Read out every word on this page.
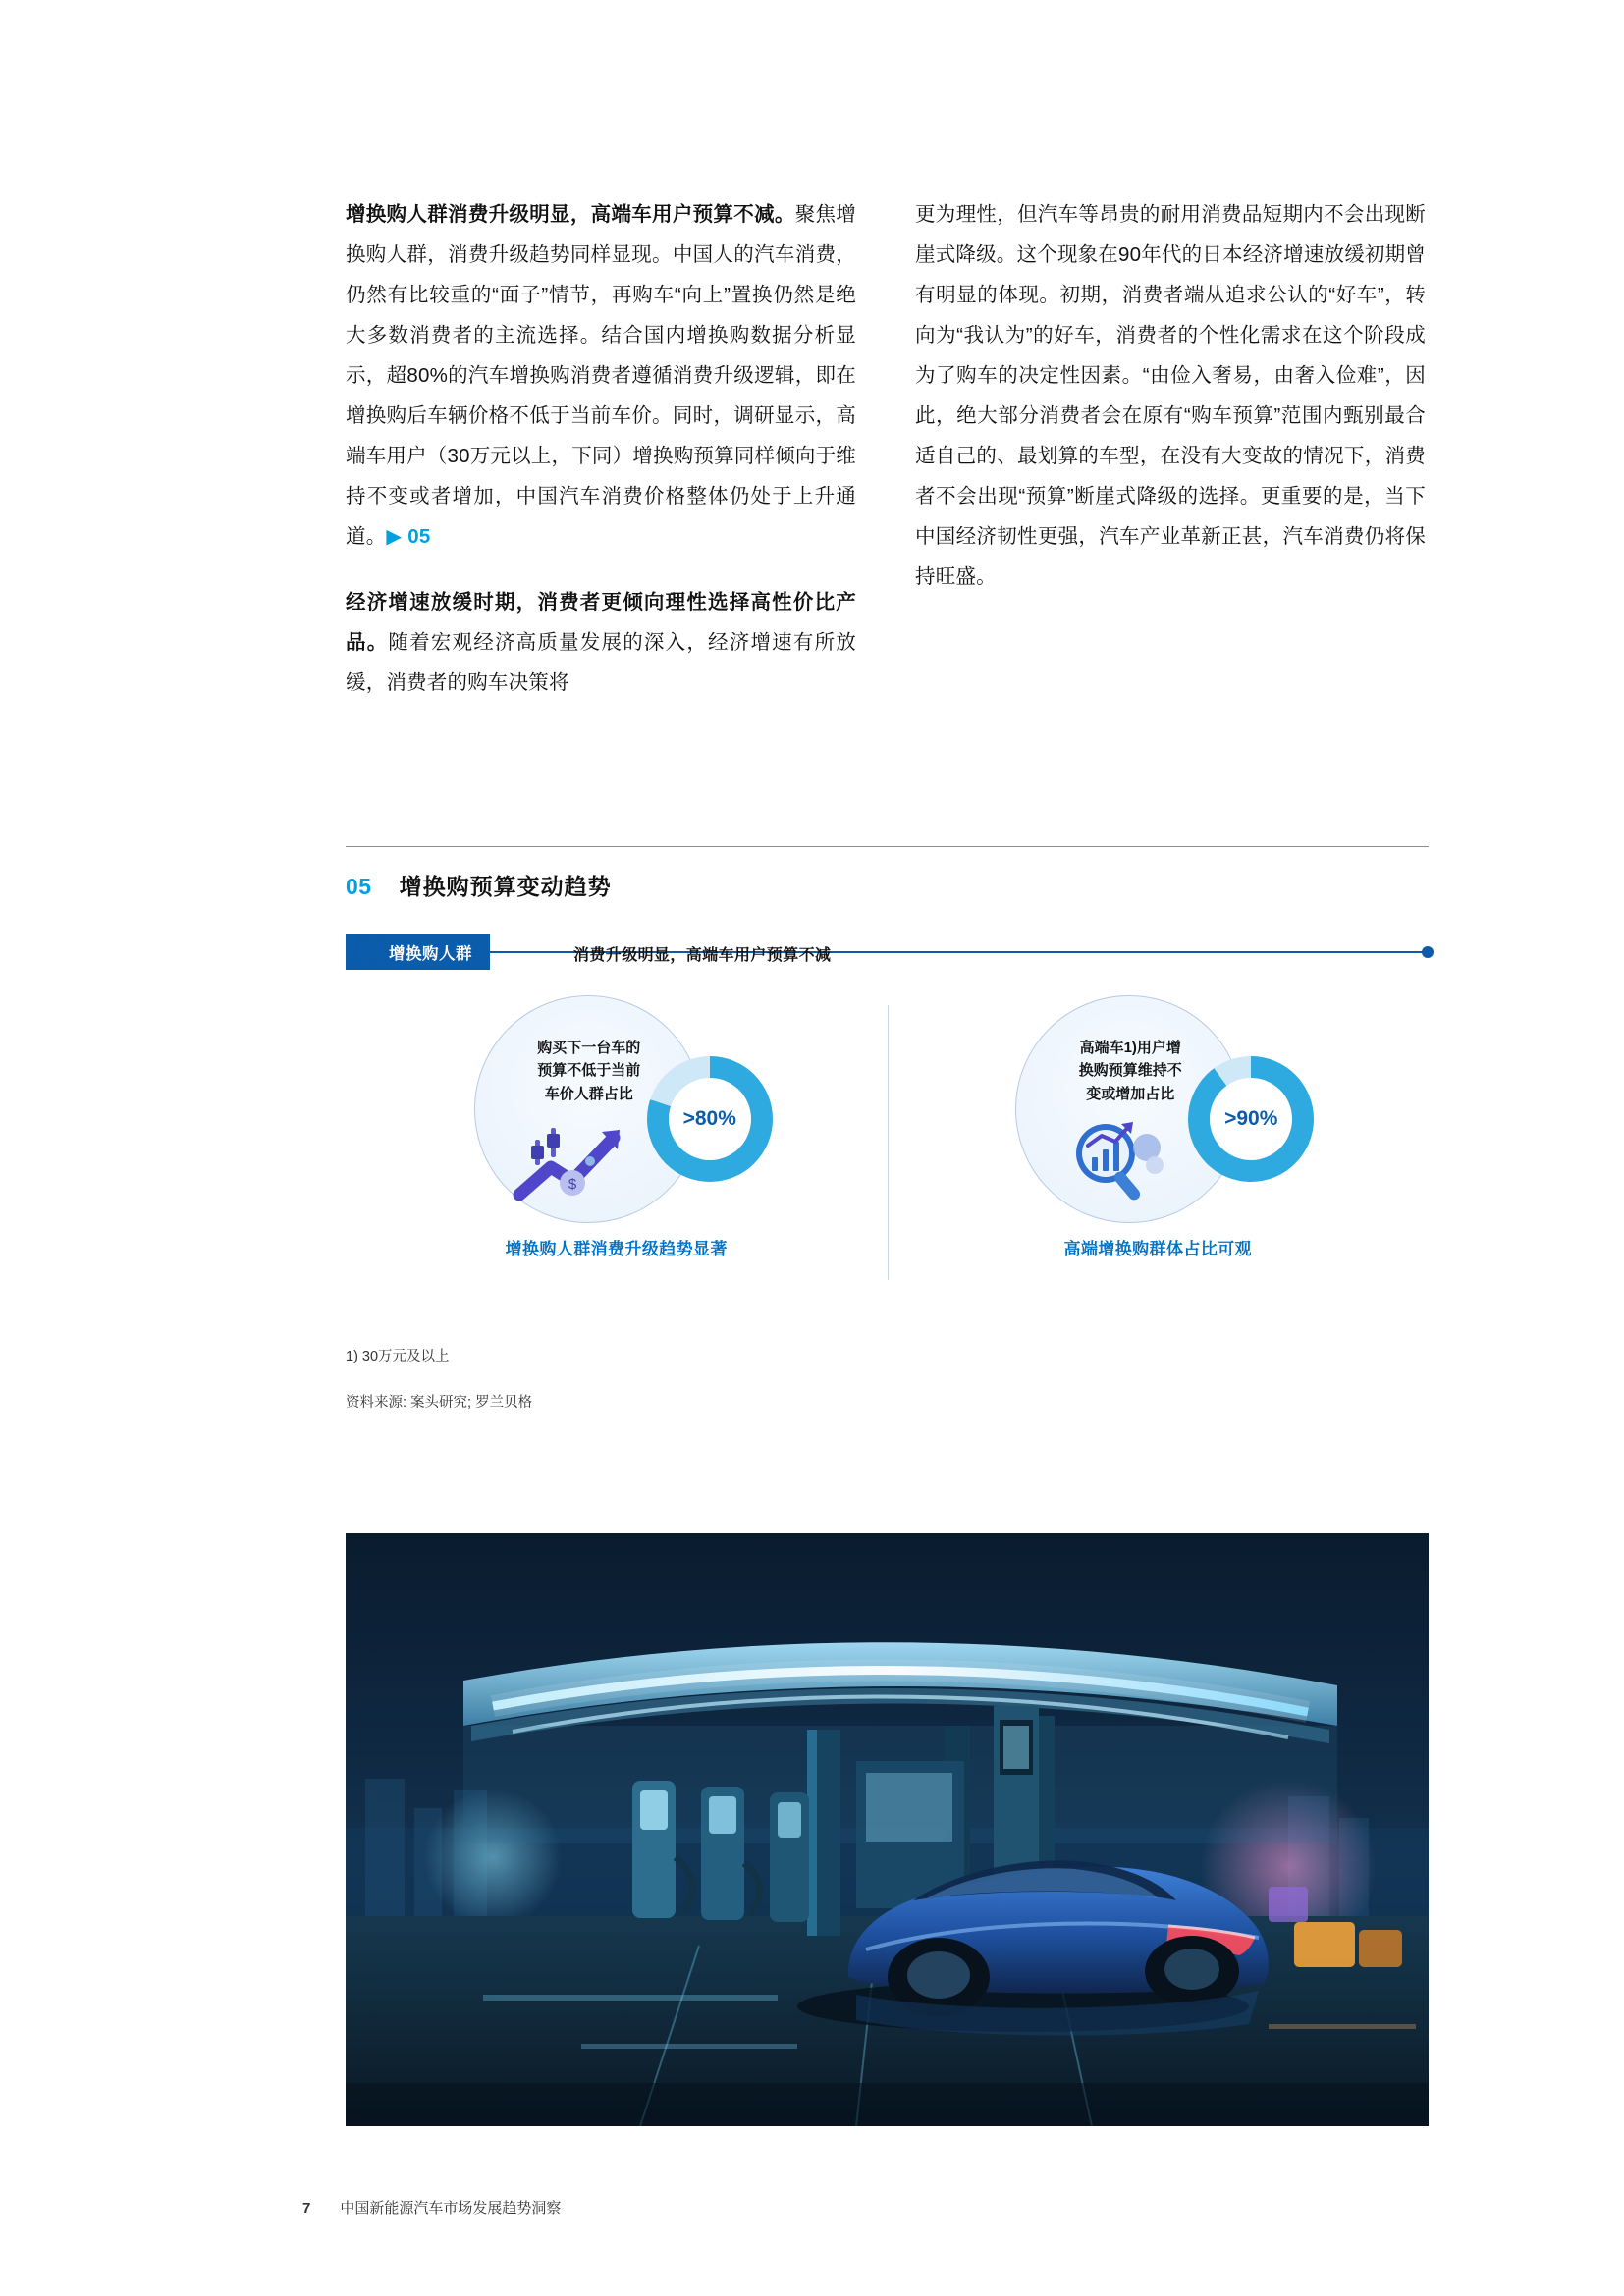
增换购人群消费升级明显，高端车用户预算不减。聚焦增换购人群，消费升级趋势同样显现。中国人的汽车消费，仍然有比较重的“面子”情节，再购车“向上”置换仍然是绝大多数消费者的主流选择。结合国内增换购数据分析显示，超80%的汽车增换购消费者遵循消费升级逻辑，即在增换购后车辆价格不低于当前车价。同时，调研显示，高端车用户（30万元以上，下同）增换购预算同样倾向于维持不变或者增加，中国汽车消费价格整体仍处于上升通道。▶ 05

经济增速放缓时期，消费者更倾向理性选择高性价比产品。随着宏观经济高质量发展的深入，经济增速有所放缓，消费者的购车决策将

更为理性，但汽车等昂贵的耐用消费品短期内不会出现断崖式降级。这个现象在90年代的日本经济增速放缓初期曾有明显的体现。初期，消费者端从追求公认的“好车”，转向为“我认为”的好车，消费者的个性化需求在这个阶段成为了购车的决定性因素。“由俭入奢易，由奢入俭难”，因此，绝大部分消费者会在原有“购车预算”范围内甄别最合适自己的、最划算的车型，在没有大变故的情况下，消费者不会出现“预算”断崖式降级的选择。更重要的是，当下中国经济韧性更强，汽车产业革新正甚，汽车消费仍将保持旺盛。

05 增换购预算变动趋势
增换购人群	消费升级明显，高端车用户预算不减
购买下一台车的
预算不低于当前
车价人群占比
$
>80%
增换购人群消费升级趋势显著
高端车1)用户增
换购预算维持不
变或增加占比
>90%
高端增换购群体占比可观
1) 30万元及以上
资料来源: 案头研究; 罗兰贝格
7 中国新能源汽车市场发展趋势洞察
